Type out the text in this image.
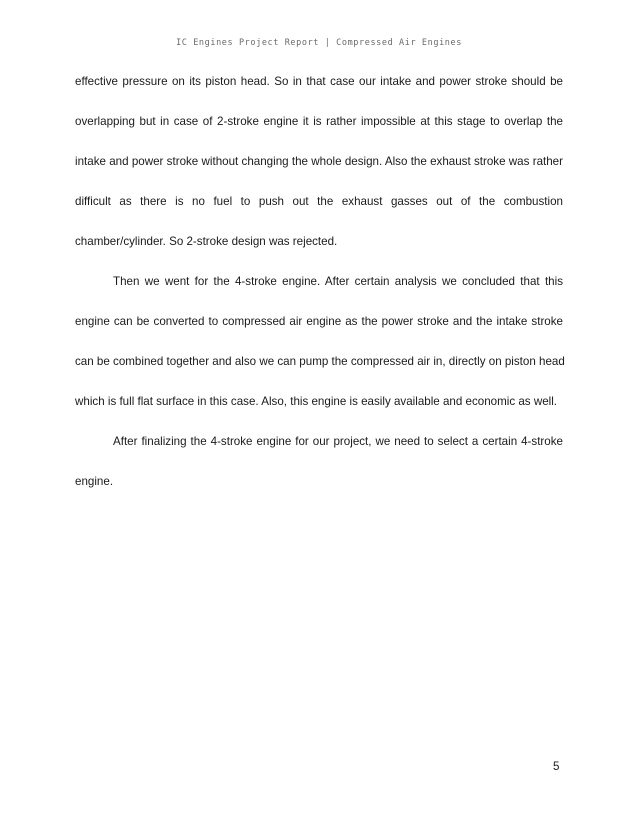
IC Engines Project Report | Compressed Air Engines
effective pressure on its piston head. So in that case our intake and power stroke should be
overlapping but in case of 2-stroke engine it is rather impossible at this stage to overlap the
intake and power stroke without changing the whole design. Also the exhaust stroke was rather
difficult as there is no fuel to push out the exhaust gasses out of the combustion
chamber/cylinder. So 2-stroke design was rejected.
Then we went for the 4-stroke engine. After certain analysis we concluded that this
engine can be converted to compressed air engine as the power stroke and the intake stroke
can be combined together and also we can pump the compressed air in, directly on piston head
which is full flat surface in this case. Also, this engine is easily available and economic as well.
After finalizing the 4-stroke engine for our project, we need to select a certain 4-stroke
engine.
5
